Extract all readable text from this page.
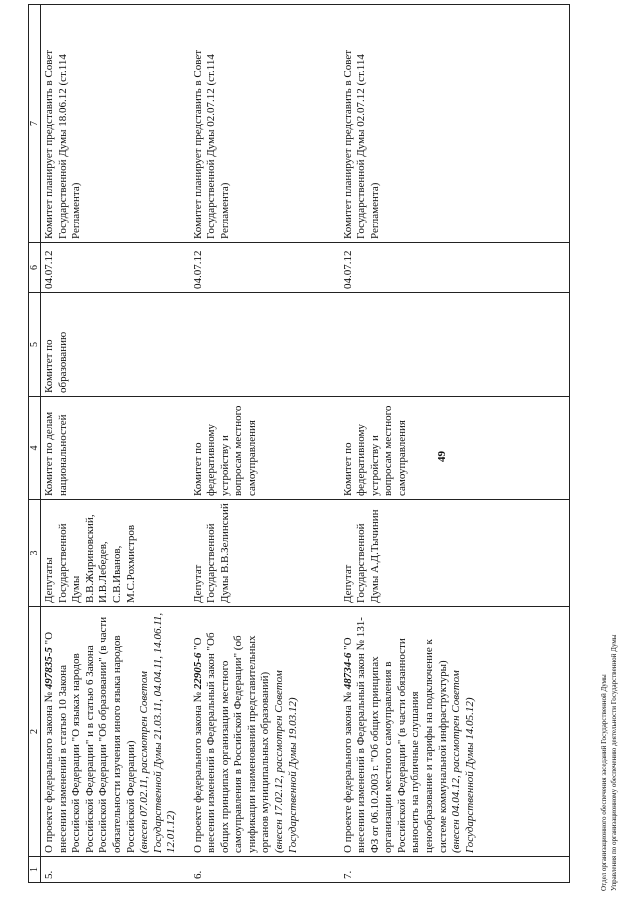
49
1	2	3	4	5	6	7
5.	О проекте федерального закона № 497835-5 "О внесении изменений в статью 10 Закона Российской Федерации "О языках народов Российской Федерации" и в статью 6 Закона Российской Федерации "Об образовании" (в части обязательности изучения иного языка народов Российской Федерации) (внесен 07.02.11, рассмотрен Советом Государственной Думы 21.03.11, 04.04.11, 14.06.11, 12.01.12)	Депутаты Государственной Думы В.В.Жириновский, И.В.Лебедев, С.В.Иванов, М.С.Рохмистров	Комитет по делам национальностей	Комитет по образованию	04.07.12	Комитет планирует представить в Совет Государственной Думы 18.06.12 (ст.114 Регламента)
6.	О проекте федерального закона № 22905-6 "О внесении изменений в Федеральный закон "Об общих принципах организации местного самоуправления в Российской Федерации" (об унификации наименований представительных органов муниципальных образований) (внесен 17.02.12, рассмотрен Советом Государственной Думы 19.03.12)	Депутат Государственной Думы В.В.Зелинский	Комитет по федеративному устройству и вопросам местного самоуправления		04.07.12	Комитет планирует представить в Совет Государственной Думы 02.07.12 (ст.114 Регламента)
7.	О проекте федерального закона № 48734-6 "О внесении изменений в Федеральный закон № 131-ФЗ от 06.10.2003 г. "Об общих принципах организации местного самоуправления в Российской Федерации" (в части обязанности выносить на публичные слушания ценообразование и тарифы на подключение к системе коммунальной инфраструктуры) (внесен 04.04.12, рассмотрен Советом Государственной Думы 14.05.12)	Депутат Государственной Думы А.Д.Тычинин	Комитет по федеративному устройству и вопросам местного самоуправления		04.07.12	Комитет планирует представить в Совет Государственной Думы 02.07.12 (ст.114 Регламента)
Отдел организационного обеспечения заседаний Государственной Думы Управления по организационному обеспечению деятельности Государственной Думы
